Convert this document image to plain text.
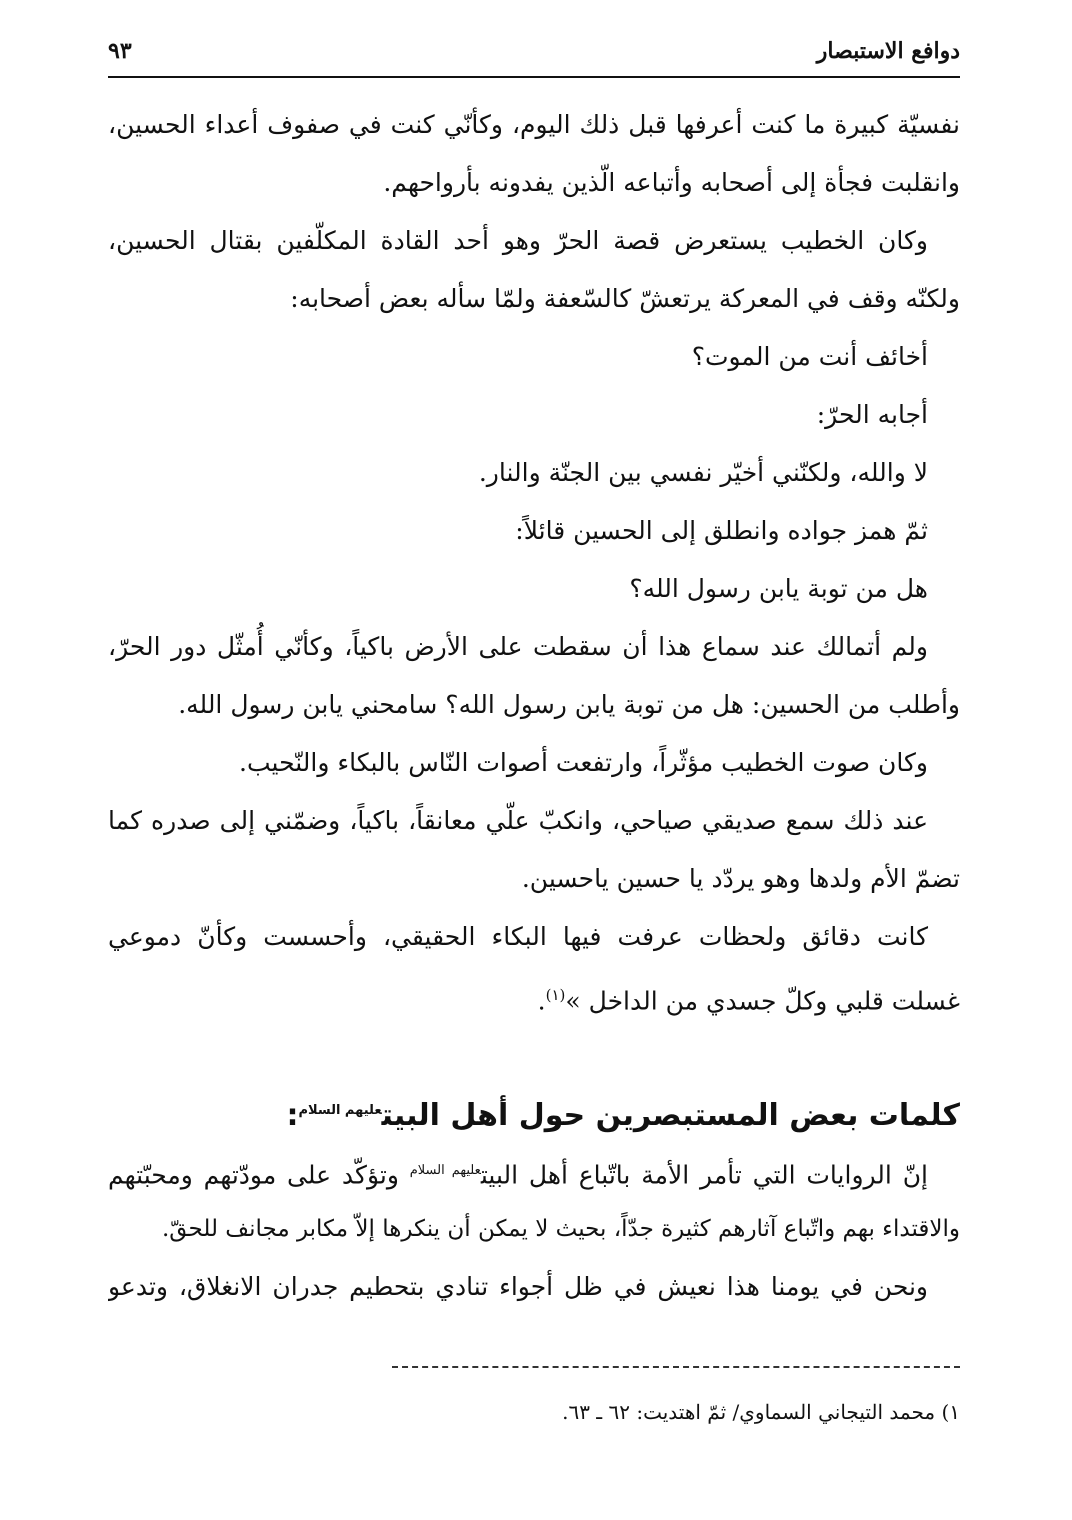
دوافع الاستبصار
٩٣
نفسيّة كبيرة ما كنت أعرفها قبل ذلك اليوم، وكأنّي كنت في صفوف أعداء الحسين،
وانقلبت فجأة إلى أصحابه وأتباعه الّذين يفدونه بأرواحهم.
وكان الخطيب يستعرض قصة الحرّ وهو أحد القادة المكلّفين بقتال الحسين،
ولكنّه وقف في المعركة يرتعشّ كالسّعفة ولمّا سأله بعض أصحابه:
أخائف أنت من الموت؟
أجابه الحرّ:
لا والله، ولكنّني أخيّر نفسي بين الجنّة والنار.
ثمّ همز جواده وانطلق إلى الحسين قائلاً:
هل من توبة يابن رسول الله؟
ولم أتمالك عند سماع هذا أن سقطت على الأرض باكياً، وكأنّي أُمثّل دور الحرّ،
وأطلب من الحسين: هل من توبة يابن رسول الله؟ سامحني يابن رسول الله.
وكان صوت الخطيب مؤثّراً، وارتفعت أصوات النّاس بالبكاء والنّحيب.
عند ذلك سمع صديقي صياحي، وانكبّ علّي معانقاً، باكياً، وضمّني إلى صدره كما
تضمّ الأم ولدها وهو يردّد يا حسين ياحسين.
كانت دقائق ولحظات عرفت فيها البكاء الحقيقي، وأحسست وكأنّ دموعي
غسلت قلبي وكلّ جسدي من الداخل »$^{(١)}$.
كلمات بعض المستبصرين حول أهل البيت$^{عليهم السلام}$:
إنّ الروايات التي تأمر الأمة باتّباع أهل البيت$^{عليهم السلام}$ وتؤكّد على مودّتهم ومحبّتهم
والاقتداء بهم واتّباع آثارهم كثيرة جدّاً، بحيث لا يمكن أن ينكرها إلاّ مكابر مجانف للحقّ.
ونحن في يومنا هذا نعيش في ظل أجواء تنادي بتحطيم جدران الانغلاق، وتدعو
١) محمد التيجاني السماوي/ ثمّ اهتديت: ٦٢ ـ ٦٣.
